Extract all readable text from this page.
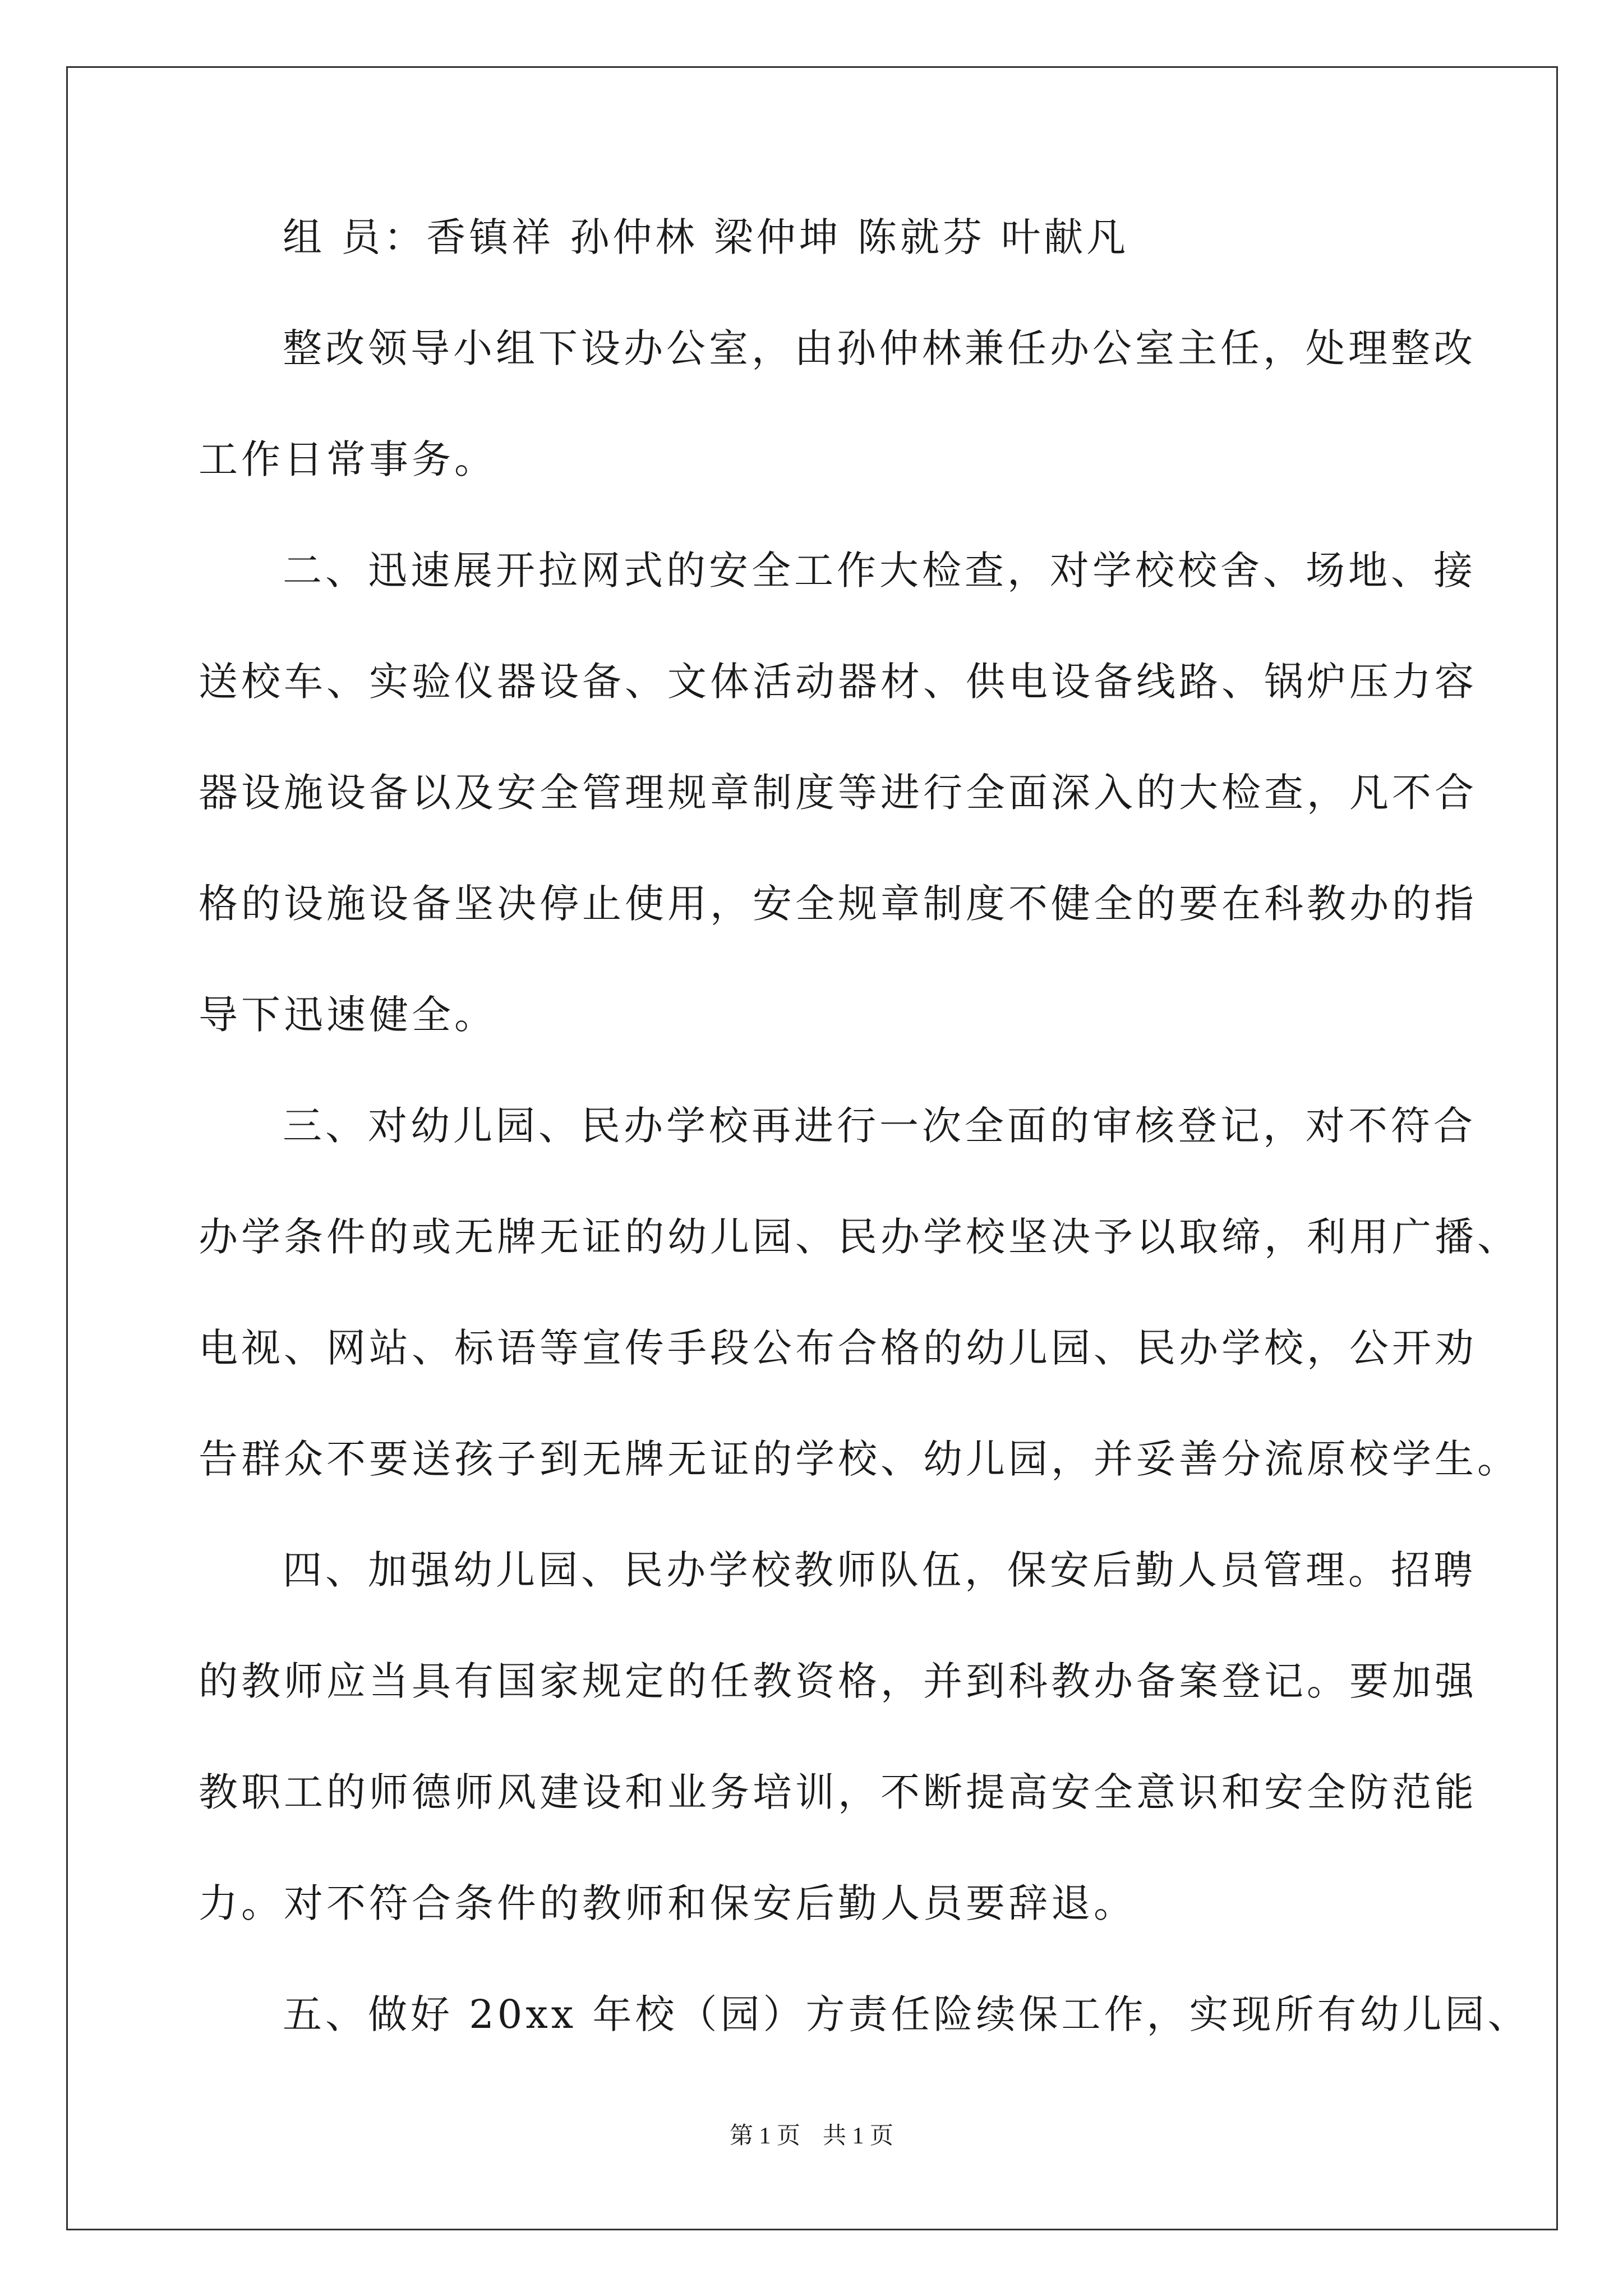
组 员：香镇祥 孙仲林 梁仲坤 陈就芬 叶献凡
整改领导小组下设办公室，由孙仲林兼任办公室主任，处理整改
工作日常事务。
二、迅速展开拉网式的安全工作大检查，对学校校舍、场地、接
送校车、实验仪器设备、文体活动器材、供电设备线路、锅炉压力容
器设施设备以及安全管理规章制度等进行全面深入的大检查，凡不合
格的设施设备坚决停止使用，安全规章制度不健全的要在科教办的指
导下迅速健全。
三、对幼儿园、民办学校再进行一次全面的审核登记，对不符合
办学条件的或无牌无证的幼儿园、民办学校坚决予以取缔，利用广播、
电视、网站、标语等宣传手段公布合格的幼儿园、民办学校，公开劝
告群众不要送孩子到无牌无证的学校、幼儿园，并妥善分流原校学生。
四、加强幼儿园、民办学校教师队伍，保安后勤人员管理。招聘
的教师应当具有国家规定的任教资格，并到科教办备案登记。要加强
教职工的师德师风建设和业务培训，不断提高安全意识和安全防范能
力。对不符合条件的教师和保安后勤人员要辞退。
五、做好 20xx 年校（园）方责任险续保工作，实现所有幼儿园、
第 1 页 共 1 页
